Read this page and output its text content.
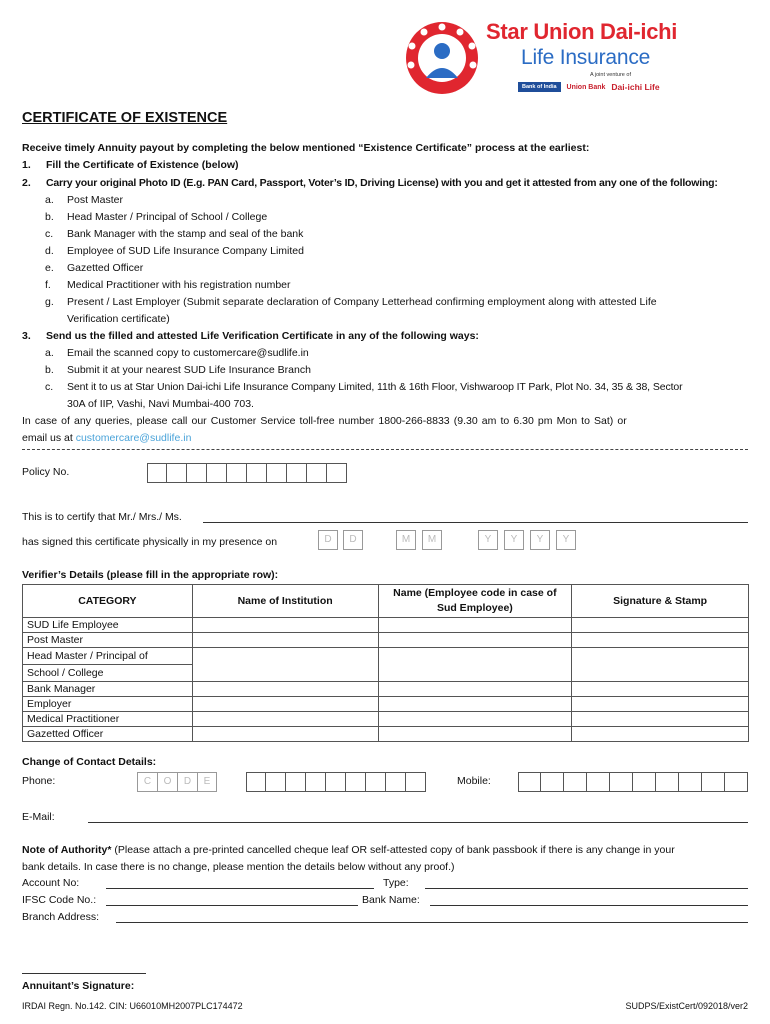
Star Union Dai-ichi
Life Insurance
A joint venture of
Bank of India	Union Bank Dai-ichi Life
CERTIFICATE OF EXISTENCE
Receive timely Annuity payout by completing the below mentioned “Existence Certificate” process at the earliest:
1. Fill the Certificate of Existence (below)
2. Carry your original Photo ID (E.g. PAN Card, Passport, Voter’s ID, Driving License) with you and get it attested from any one of the following:
a. Post Master
b. Head Master / Principal of School / College
c. Bank Manager with the stamp and seal of the bank
d. Employee of SUD Life Insurance Company Limited
e. Gazetted Officer
f. Medical Practitioner with his registration number
g. Present / Last Employer (Submit separate declaration of Company Letterhead confirming employment along with attested Life
Verification certificate)
3. Send us the filled and attested Life Verification Certificate in any of the following ways:
a. Email the scanned copy to customercare@sudlife.in
b. Submit it at your nearest SUD Life Insurance Branch
c. Sent it to us at Star Union Dai-ichi Life Insurance Company Limited, 11th & 16th Floor, Vishwaroop IT Park, Plot No. 34, 35 & 38, Sector
30A of IIP, Vashi, Navi Mumbai-400 703.
In case of any queries, please call our Customer Service toll-free number 1800-266-8833 (9.30 am to 6.30 pm Mon to Sat) or
email us at customercare@sudlife.in
Policy No.
This is to certify that Mr./ Mrs./ Ms.
has signed this certificate physically in my presence on	D	D	M	M	Y	Y	Y	Y
Verifier’s Details (please fill in the appropriate row):
CATEGORY	Name of Institution	Name (Employee code in case of Sud Employee)	Signature & Stamp
SUD Life Employee			
Post Master			
Head Master / Principal of			
School / College			
Bank Manager			
Employer			
Medical Practitioner			
Gazetted Officer			
Change of Contact Details:
Phone:	C	O	D	E	Mobile:
E-Mail:
Note of Authority* (Please attach a pre-printed cancelled cheque leaf OR self-attested copy of bank passbook if there is any change in your
bank details. In case there is no change, please mention the details below without any proof.)
Account No:	Type:
IFSC Code No.:	Bank Name:
Branch Address:
Annuitant’s Signature:
IRDAI Regn. No.142. CIN: U66010MH2007PLC174472	SUDPS/ExistCert/092018/ver2
